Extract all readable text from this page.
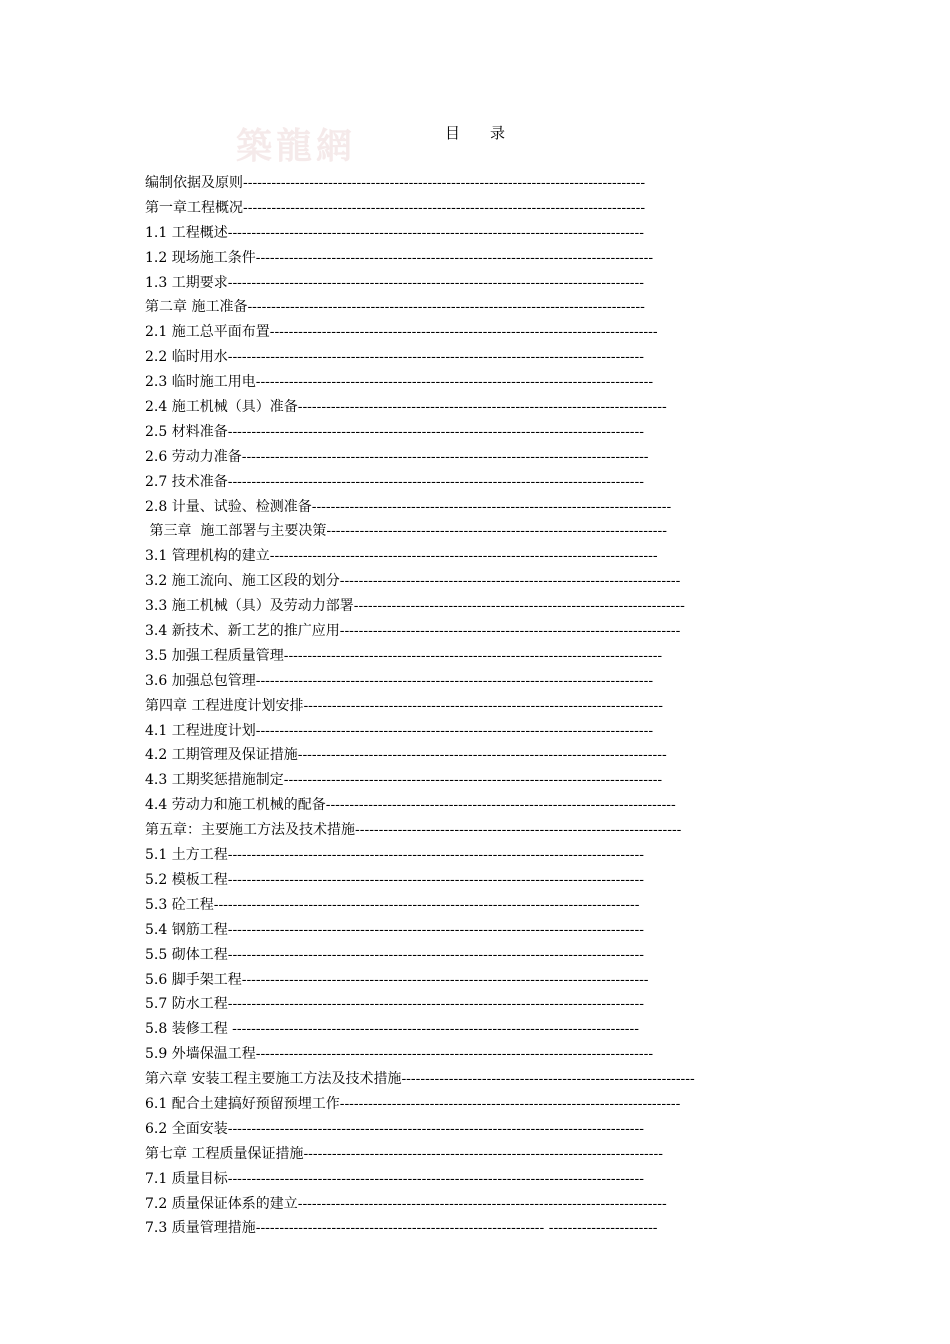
築龍網	目　　录
编制依据及原则-------------------------------------------------------------------------------------
第一章工程概况-------------------------------------------------------------------------------------
1.1 工程概述----------------------------------------------------------------------------------------
1.2 现场施工条件------------------------------------------------------------------------------------
1.3 工期要求----------------------------------------------------------------------------------------
第二章 施工准备------------------------------------------------------------------------------------
2.1 施工总平面布置----------------------------------------------------------------------------------
2.2 临时用水----------------------------------------------------------------------------------------
2.3 临时施工用电------------------------------------------------------------------------------------
2.4 施工机械（具）准备------------------------------------------------------------------------------
2.5 材料准备----------------------------------------------------------------------------------------
2.6 劳动力准备--------------------------------------------------------------------------------------
2.7 技术准备----------------------------------------------------------------------------------------
2.8 计量、试验、检测准备----------------------------------------------------------------------------
第三章  施工部署与主要决策------------------------------------------------------------------------
3.1 管理机构的建立----------------------------------------------------------------------------------
3.2 施工流向、施工区段的划分------------------------------------------------------------------------
3.3 施工机械（具）及劳动力部署----------------------------------------------------------------------
3.4 新技术、新工艺的推广应用------------------------------------------------------------------------
3.5 加强工程质量管理--------------------------------------------------------------------------------
3.6 加强总包管理------------------------------------------------------------------------------------
第四章 工程进度计划安排----------------------------------------------------------------------------
4.1 工程进度计划------------------------------------------------------------------------------------
4.2 工期管理及保证措施------------------------------------------------------------------------------
4.3 工期奖惩措施制定--------------------------------------------------------------------------------
4.4 劳动力和施工机械的配备--------------------------------------------------------------------------
第五章：主要施工方法及技术措施---------------------------------------------------------------------
5.1 土方工程----------------------------------------------------------------------------------------
5.2 模板工程----------------------------------------------------------------------------------------
5.3 砼工程------------------------------------------------------------------------------------------
5.4 钢筋工程----------------------------------------------------------------------------------------
5.5 砌体工程----------------------------------------------------------------------------------------
5.6 脚手架工程--------------------------------------------------------------------------------------
5.7 防水工程----------------------------------------------------------------------------------------
5.8 装修工程 --------------------------------------------------------------------------------------
5.9 外墙保温工程------------------------------------------------------------------------------------
第六章 安装工程主要施工方法及技术措施--------------------------------------------------------------
6.1 配合土建搞好预留预埋工作------------------------------------------------------------------------
6.2 全面安装----------------------------------------------------------------------------------------
第七章 工程质量保证措施----------------------------------------------------------------------------
7.1 质量目标----------------------------------------------------------------------------------------
7.2 质量保证体系的建立------------------------------------------------------------------------------
7.3 质量管理措施------------------------------------------------------------- -----------------------
